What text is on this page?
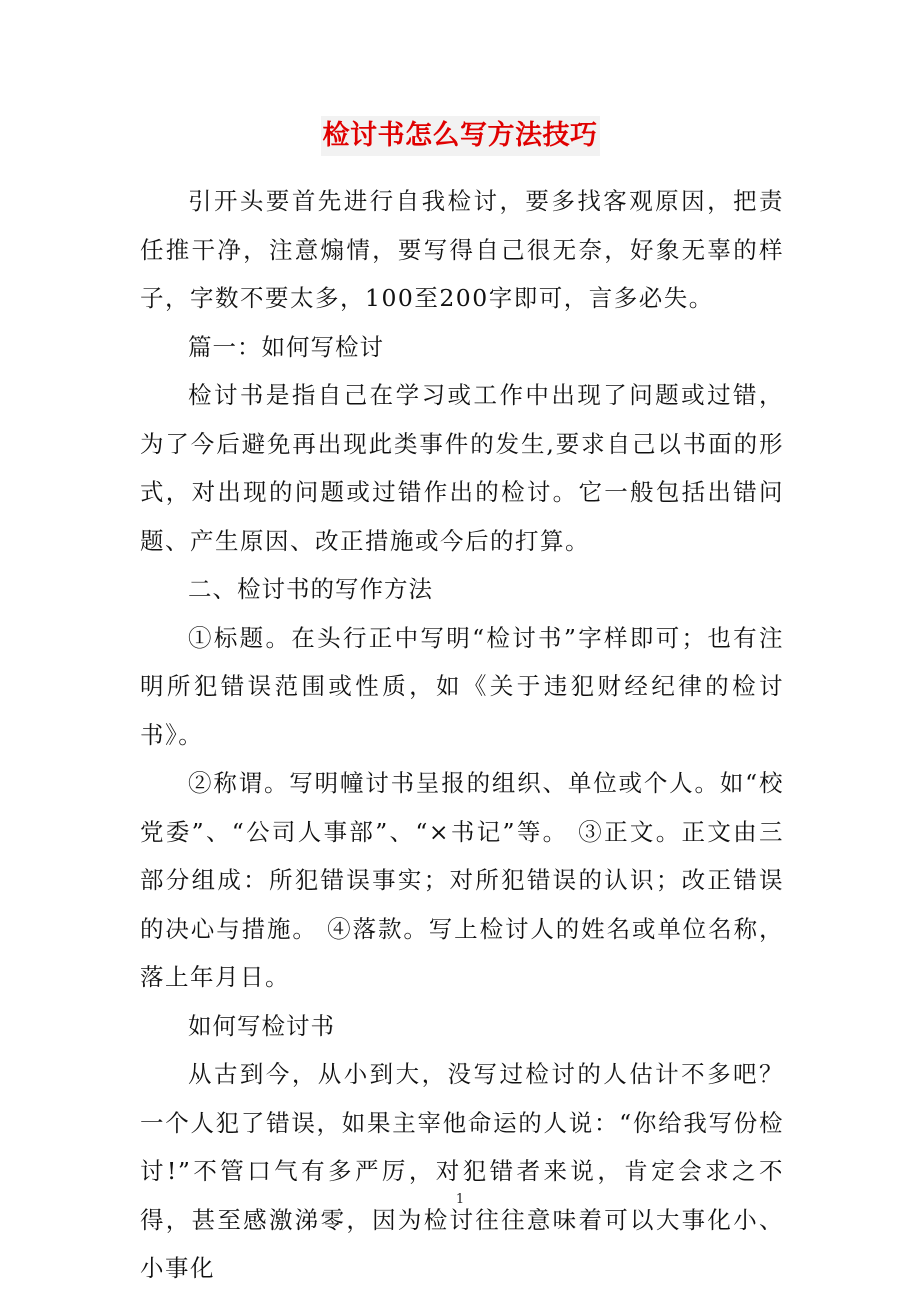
检讨书怎么写方法技巧

引开头要首先进行自我检讨，要多找客观原因，把责任推干净，注意煽情，要写得自己很无奈，好象无辜的样子，字数不要太多，100至200字即可，言多必失。

篇一：如何写检讨

检讨书是指自己在学习或工作中出现了问题或过错，为了今后避免再出现此类事件的发生,要求自己以书面的形式，对出现的问题或过错作出的检讨。它一般包括出错问题、产生原因、改正措施或今后的打算。

二、检讨书的写作方法

①标题。在头行正中写明“检讨书”字样即可；也有注明所犯错误范围或性质，如《关于违犯财经纪律的检讨书》。

②称谓。写明幢讨书呈报的组织、单位或个人。如“校党委”、“公司人事部”、“×书记”等。 ③正文。正文由三部分组成：所犯错误事实；对所犯错误的认识；改正错误的决心与措施。 ④落款。写上检讨人的姓名或单位名称，落上年月日。

如何写检讨书

从古到今，从小到大，没写过检讨的人估计不多吧？一个人犯了错误，如果主宰他命运的人说：“你给我写份检讨!”不管口气有多严厉，对犯错者来说，肯定会求之不得，甚至感激涕零，因为检讨往往意味着可以大事化小、小事化

1
